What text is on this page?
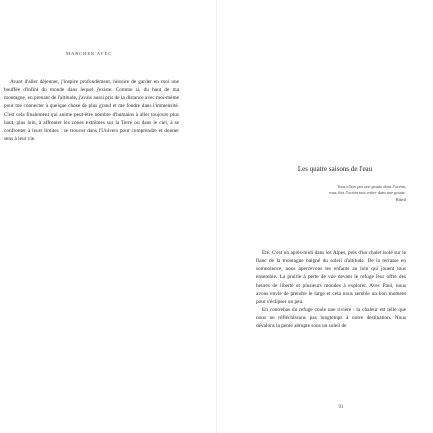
MARCHER AVEC

Avant d'aller déjeuner, j'inspire profondément, histoire de garder en moi une bouffée d'infini du monde dans lequel j'existe. Comme si, du haut de ma montagne, en prenant de l'altitude, j'avais aussi pris de la distance avec moi-même pour me connecter à quelque chose de plus grand et me fondre dans l'immensité. C'est cela finalement qui anime peut-être nombre d'humains à aller toujours plus haut, plus loin, à affronter les zones extrêmes sur la Terre ou dans le ciel, à se confronter à leurs limites : se trouver dans l'Univers pour comprendre et donner sens à leur vie.

Les quatre saisons de l'eau
Vous n'êtes pas une goutte dans l'océan,
vous êtes l'océan tout entier dans une goutte.
Rûmî

Été. C'est un après-midi dans les Alpes, près d'un chalet isolé sur le flanc de la montagne baigné du soleil d'altitude. De la terrasse en somnolence, nous apercevons les enfants au loin qui jouent tous ensemble. La prairie à perte de vue devant le refuge leur offre des heures de liberté et plusieurs mondes à explorer. Avec Paul, nous avons envie de prendre le large et cela nous semble un bon moment pour s'éclipser un peu.

En contrebas du refuge coule une rivière : la chaleur est telle que nous ne réfléchissons pas longtemps à notre destination. Nous dévalons la pente abrupte sous un soleil de

91
